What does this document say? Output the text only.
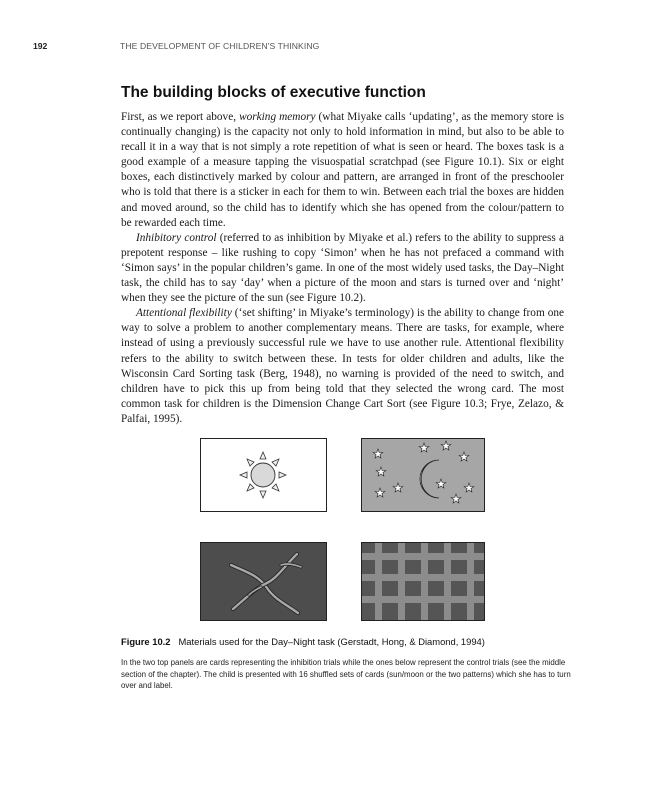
192	THE DEVELOPMENT OF CHILDREN'S THINKING
The building blocks of executive function

First, as we report above, working memory (what Miyake calls ‘updating’, as the memory store is continually changing) is the capacity not only to hold information in mind, but also to be able to recall it in a way that is not simply a rote repetition of what is seen or heard. The boxes task is a good example of a measure tapping the visuospatial scratchpad (see Figure 10.1). Six or eight boxes, each distinctively marked by colour and pattern, are arranged in front of the preschooler who is told that there is a sticker in each for them to win. Between each trial the boxes are hidden and moved around, so the child has to identify which she has opened from the colour/pattern to be rewarded each time.

Inhibitory control (referred to as inhibition by Miyake et al.) refers to the ability to suppress a prepotent response – like rushing to copy ‘Simon’ when he has not prefaced a command with ‘Simon says’ in the popular children’s game. In one of the most widely used tasks, the Day–Night task, the child has to say ‘day’ when a picture of the moon and stars is turned over and ‘night’ when they see the picture of the sun (see Figure 10.2).

Attentional flexibility (‘set shifting’ in Miyake’s terminology) is the ability to change from one way to solve a problem to another complementary means. There are tasks, for example, where instead of using a previously successful rule we have to use another rule. Attentional flexibility refers to the ability to switch between these. In tests for older children and adults, like the Wisconsin Card Sorting task (Berg, 1948), no warning is provided of the need to switch, and children have to pick this up from being told that they selected the wrong card. The most common task for children is the Dimension Change Cart Sort (see Figure 10.3; Frye, Zelazo, & Palfai, 1995).

Figure 10.2 Materials used for the Day–Night task (Gerstadt, Hong, & Diamond, 1994)

In the two top panels are cards representing the inhibition trials while the ones below represent the control trials (see the middle section of the chapter). The child is presented with 16 shuffled sets of cards (sun/moon or the two patterns) which she has to turn over and label.
